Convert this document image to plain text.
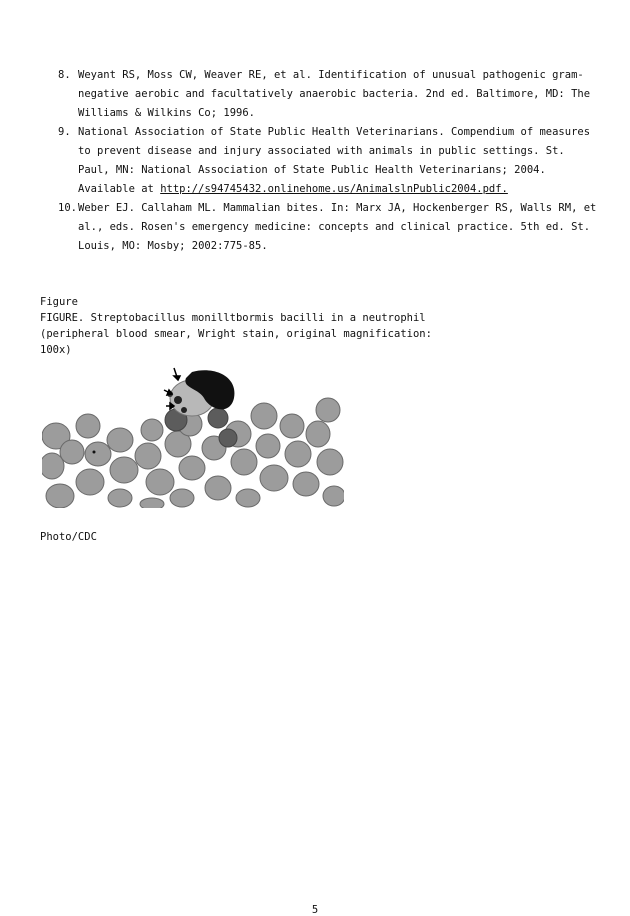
8. Weyant RS, Moss CW, Weaver RE, et al. Identification of unusual pathogenic gram-negative aerobic and facultatively anaerobic bacteria. 2nd ed. Baltimore, MD: The Williams & Wilkins Co; 1996.
9. National Association of State Public Health Veterinarians. Compendium of measures to prevent disease and injury associated with animals in public settings. St. Paul, MN: National Association of State Public Health Veterinarians; 2004. Available at http://s94745432.onlinehome.us/AnimalslnPublic2004.pdf.
10. Weber EJ. Callaham ML. Mammalian bites. In: Marx JA, Hockenberger RS, Walls RM, et al., eds. Rosen's emergency medicine: concepts and clinical practice. 5th ed. St. Louis, MO: Mosby; 2002:775-85.
Figure
FIGURE. Streptobacillus monilltbormis bacilli in a neutrophil
(peripheral blood smear, Wright stain, original magnification:
100x)
Photo/CDC
5
